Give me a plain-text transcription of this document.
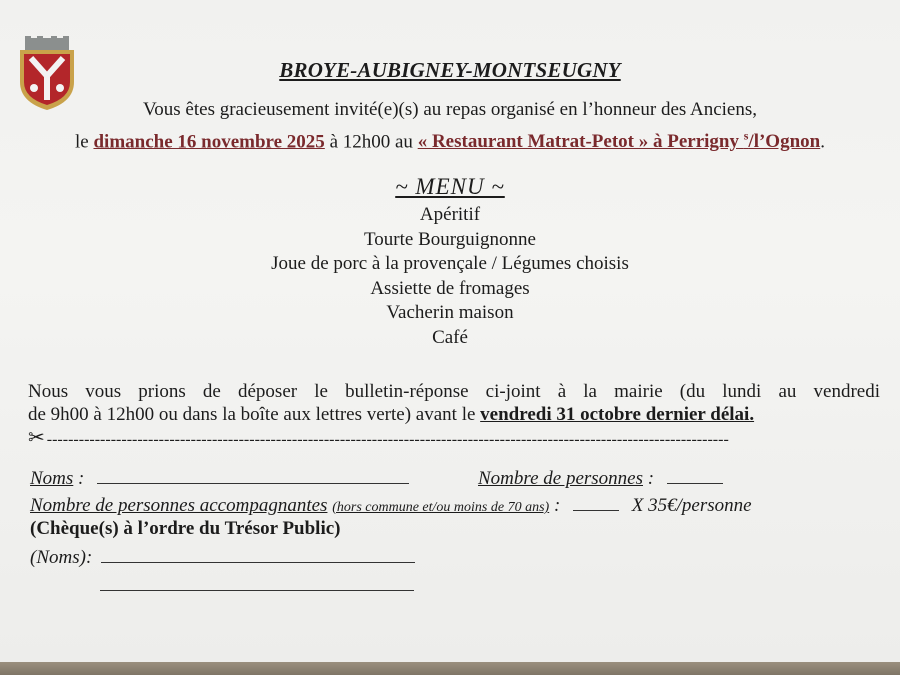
BROYE-AUBIGNEY-MONTSEUGNY
Vous êtes gracieusement invité(e)(s) au repas organisé en l’honneur des Anciens,
le dimanche 16 novembre 2025 à 12h00 au « Restaurant Matrat-Petot » à Perrigny $^s$/l’Ognon.
~ MENU ~
Apéritif
Tourte Bourguignonne
Joue de porc à la provençale / Légumes choisis
Assiette de fromages
Vacherin maison
Café
Nous vous prions de déposer le bulletin-réponse ci-joint à la mairie (du lundi au vendredi
de 9h00 à 12h00 ou dans la boîte aux lettres verte) avant le vendredi 31 octobre dernier délai.
✂ --------------------------------------------------------------------------------------------------------------------------------
Noms :	Nombre de personnes :
Nombre de personnes accompagnantes (hors commune et/ou moins de 70 ans) :	X 35€/personne
(Chèque(s) à l’ordre du Trésor Public)
(Noms):
